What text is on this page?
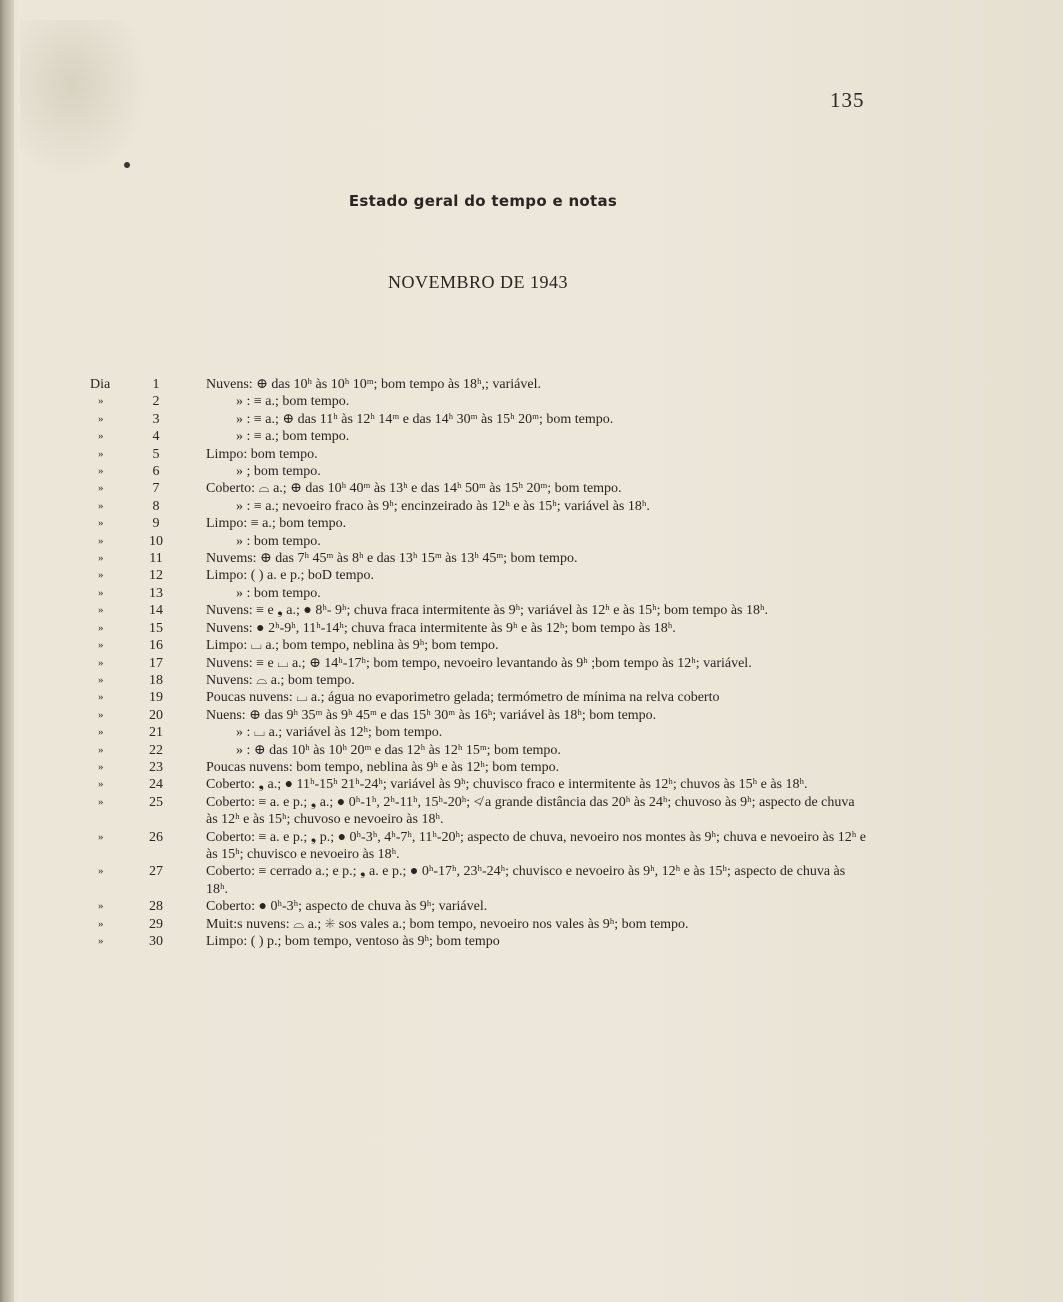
135
Estado geral do tempo e notas
NOVEMBRO DE 1943
Dia	1	Nuvens: ⊕ das 10ʰ às 10ʰ 10ᵐ; bom tempo às 18ʰ,; variável.
»	2	» : ≡ a.; bom tempo.
»	3	» : ≡ a.; ⊕ das 11ʰ às 12ʰ 14ᵐ e das 14ʰ 30ᵐ às 15ʰ 20ᵐ; bom tempo.
»	4	» : ≡ a.; bom tempo.
»	5	Limpo: bom tempo.
»	6	» ; bom tempo.
»	7	Coberto: ⌓ a.; ⊕ das 10ʰ 40ᵐ às 13ʰ e das 14ʰ 50ᵐ às 15ʰ 20ᵐ; bom tempo.
»	8	» : ≡ a.; nevoeiro fraco às 9ʰ; encinzeirado às 12ʰ e às 15ʰ; variável às 18ʰ.
»	9	Limpo: ≡ a.; bom tempo.
»	10	» : bom tempo.
»	11	Nuvems: ⊕ das 7ʰ 45ᵐ às 8ʰ e das 13ʰ 15ᵐ às 13ʰ 45ᵐ; bom tempo.
»	12	Limpo: ( ) a. e p.; boD tempo.
»	13	» : bom tempo.
»	14	Nuvens: ≡ e ❟ a.; ● 8ʰ- 9ʰ; chuva fraca intermitente às 9ʰ; variável às 12ʰ e às 15ʰ; bom tempo às 18ʰ.
»	15	Nuvens: ● 2ʰ-9ʰ, 11ʰ-14ʰ; chuva fraca intermitente às 9ʰ e às 12ʰ; bom tempo às 18ʰ.
»	16	Limpo: ⌴ a.; bom tempo, neblina às 9ʰ; bom tempo.
»	17	Nuvens: ≡ e ⌴ a.; ⊕ 14ʰ-17ʰ; bom tempo, nevoeiro levantando às 9ʰ ;bom tempo às 12ʰ; variável.
»	18	Nuvens: ⌓ a.; bom tempo.
»	19	Poucas nuvens: ⌴ a.; água no evaporimetro gelada; termómetro de mínima na relva coberto
»	20	Nuens: ⊕ das 9ʰ 35ᵐ às 9ʰ 45ᵐ e das 15ʰ 30ᵐ às 16ʰ; variável às 18ʰ; bom tempo.
»	21	» : ⌴ a.; variável às 12ʰ; bom tempo.
»	22	» : ⊕ das 10ʰ às 10ʰ 20ᵐ e das 12ʰ às 12ʰ 15ᵐ; bom tempo.
»	23	Poucas nuvens: bom tempo, neblina às 9ʰ e às 12ʰ; bom tempo.
»	24	Coberto: ❟ a.; ● 11ʰ-15ʰ 21ʰ-24ʰ; variável às 9ʰ; chuvisco fraco e intermitente às 12ʰ; chuvos às 15ʰ e às 18ʰ.
»	25	Coberto: ≡ a. e p.; ❟ a.; ● 0ʰ-1ʰ, 2ʰ-11ʰ, 15ʰ-20ʰ; ≮ a grande distância das 20ʰ às 24ʰ; chuvoso às 9ʰ; aspecto de chuva às 12ʰ e às 15ʰ; chuvoso e nevoeiro às 18ʰ.
»	26	Coberto: ≡ a. e p.; ❟ p.; ● 0ʰ-3ʰ, 4ʰ-7ʰ, 11ʰ-20ʰ; aspecto de chuva, nevoeiro nos montes às 9ʰ; chuva e nevoeiro às 12ʰ e às 15ʰ; chuvisco e nevoeiro às 18ʰ.
»	27	Coberto: ≡ cerrado a.; e p.; ❟ a. e p.; ● 0ʰ-17ʰ, 23ʰ-24ʰ; chuvisco e nevoeiro às 9ʰ, 12ʰ e às 15ʰ; aspecto de chuva às 18ʰ.
»	28	Coberto: ● 0ʰ-3ʰ; aspecto de chuva às 9ʰ; variável.
»	29	Muit:s nuvens: ⌓ a.; ✳ sos vales a.; bom tempo, nevoeiro nos vales às 9ʰ; bom tempo.
»	30	Limpo: ( ) p.; bom tempo, ventoso às 9ʰ; bom tempo
